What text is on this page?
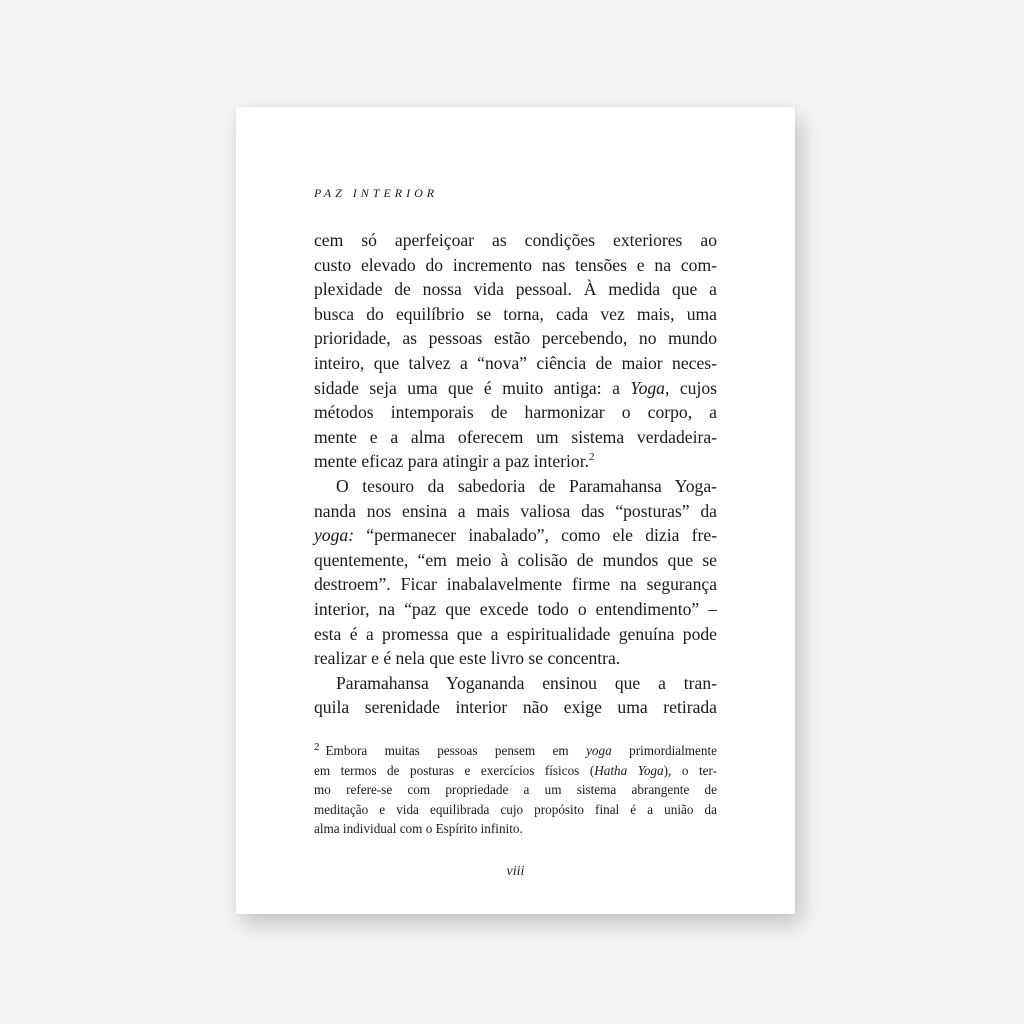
PAZ INTERIOR
cem só aperfeiçoar as condições exteriores ao
custo elevado do incremento nas tensões e na com-
plexidade de nossa vida pessoal. À medida que a
busca do equilíbrio se torna, cada vez mais, uma
prioridade, as pessoas estão percebendo, no mundo
inteiro, que talvez a “nova” ciência de maior neces-
sidade seja uma que é muito antiga: a Yoga, cujos
métodos intemporais de harmonizar o corpo, a
mente e a alma oferecem um sistema verdadeira-
mente eficaz para atingir a paz interior.$^2$
O tesouro da sabedoria de Paramahansa Yoga-
nanda nos ensina a mais valiosa das “posturas” da
yoga: “permanecer inabalado”, como ele dizia fre-
quentemente, “em meio à colisão de mundos que se
destroem”. Ficar inabalavelmente firme na segurança
interior, na “paz que excede todo o entendimento” –
esta é a promessa que a espiritualidade genuína pode
realizar e é nela que este livro se concentra.
Paramahansa Yogananda ensinou que a tran-
quila serenidade interior não exige uma retirada
$^2$ Embora muitas pessoas pensem em yoga primordialmente
em termos de posturas e exercícios físicos (Hatha Yoga), o ter-
mo refere-se com propriedade a um sistema abrangente de
meditação e vida equilibrada cujo propósito final é a união da
alma individual com o Espírito infinito.
viii
